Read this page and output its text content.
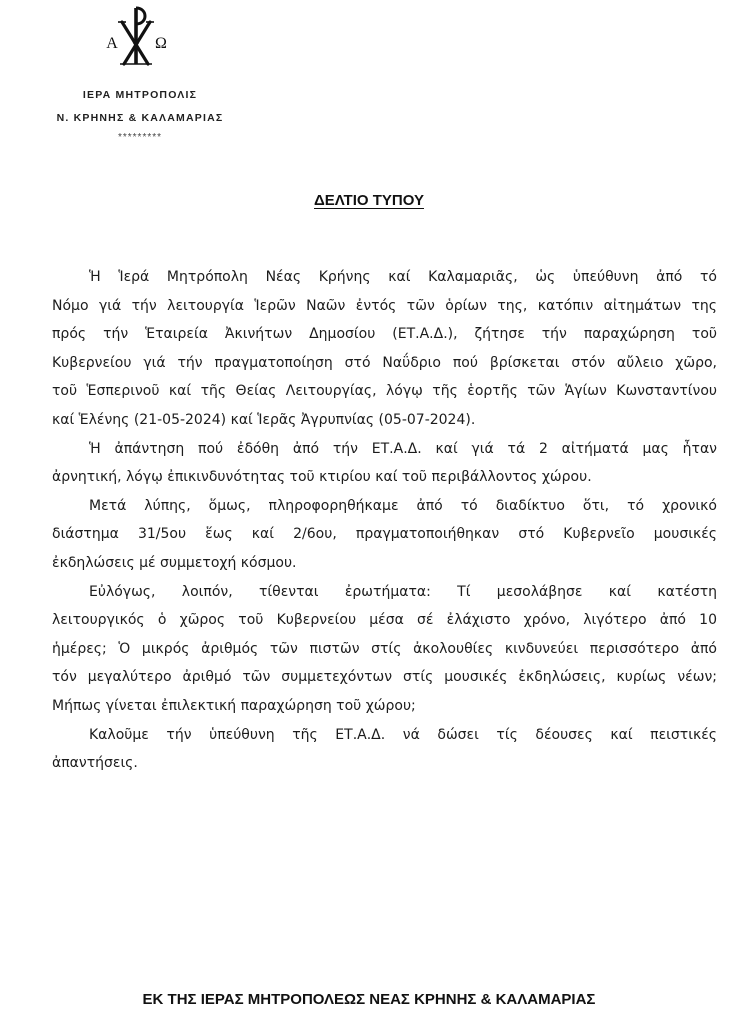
Α Ω
ΙΕΡΑ ΜΗΤΡΟΠΟΛΙΣ
Ν. ΚΡΗΝΗΣ & ΚΑΛΑΜΑΡΙΑΣ
*********
ΔΕΛΤΙΟ ΤΥΠΟΥ
Ἡ Ἱερά Μητρόπολη Νέας Κρήνης καί Καλαμαριᾶς, ὡς ὑπεύθυνη ἀπό τό
Νόμο γιά τήν λειτουργία Ἱερῶν Ναῶν ἐντός τῶν ὁρίων της, κατόπιν αἰτημάτων της
πρός τήν Ἑταιρεία Ἀκινήτων Δημοσίου (ΕΤ.Α.Δ.), ζήτησε τήν παραχώρηση τοῦ
Κυβερνείου γιά τήν πραγματοποίηση στό Ναΰδριο πού βρίσκεται στόν αὔλειο χῶρο,
τοῦ Ἑσπερινοῦ καί τῆς Θείας Λειτουργίας, λόγῳ τῆς ἑορτῆς τῶν Ἁγίων Κωνσταντίνου
καί Ἑλένης (21-05-2024) καί Ἱερᾶς Ἀγρυπνίας (05-07-2024).
Ἡ ἀπάντηση πού ἐδόθη ἀπό τήν ΕΤ.Α.Δ. καί γιά τά 2 αἰτήματά μας ἦταν
ἀρνητική, λόγῳ ἐπικινδυνότητας τοῦ κτιρίου καί τοῦ περιβάλλοντος χώρου.
Μετά λύπης, ὅμως, πληροφορηθήκαμε ἀπό τό διαδίκτυο ὅτι, τό χρονικό
διάστημα 31/5ου ἕως καί 2/6ου, πραγματοποιήθηκαν στό Κυβερνεῖο μουσικές
ἐκδηλώσεις μέ συμμετοχή κόσμου.
Εὐλόγως, λοιπόν, τίθενται ἐρωτήματα: Τί μεσολάβησε καί κατέστη
λειτουργικός ὁ χῶρος τοῦ Κυβερνείου μέσα σέ ἐλάχιστο χρόνο, λιγότερο ἀπό 10
ἡμέρες; Ὁ μικρός ἀριθμός τῶν πιστῶν στίς ἀκολουθίες κινδυνεύει περισσότερο ἀπό
τόν μεγαλύτερο ἀριθμό τῶν συμμετεχόντων στίς μουσικές ἐκδηλώσεις, κυρίως νέων;
Μήπως γίνεται ἐπιλεκτική παραχώρηση τοῦ χώρου;
Καλοῦμε τήν ὑπεύθυνη τῆς ΕΤ.Α.Δ. νά δώσει τίς δέουσες καί πειστικές
ἀπαντήσεις.
ΕΚ ΤΗΣ ΙΕΡΑΣ ΜΗΤΡΟΠΟΛΕΩΣ ΝΕΑΣ ΚΡΗΝΗΣ & ΚΑΛΑΜΑΡΙΑΣ
